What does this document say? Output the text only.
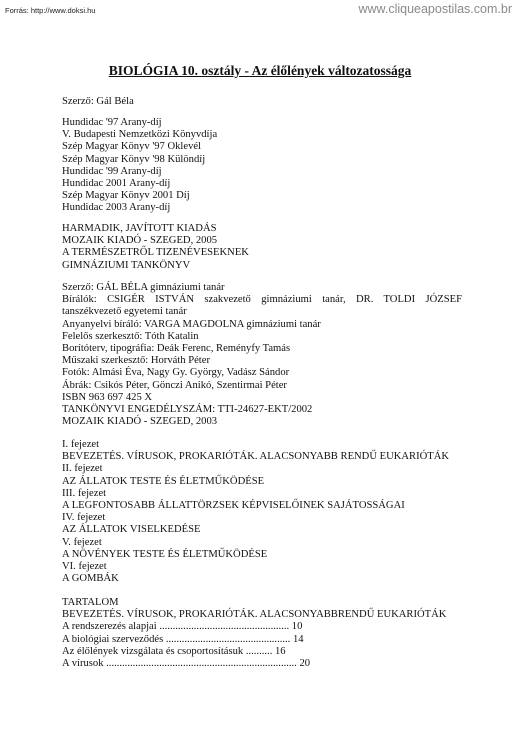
Forrás: http://www.doksi.hu	www.cliqueapostilas.com.br
BIOLÓGIA 10. osztály - Az élőlények változatossága

Szerző: Gál Béla

Hundidac '97 Arany-díj

V. Budapesti Nemzetközi Könyvdíja

Szép Magyar Könyv '97 Oklevél

Szép Magyar Könyv '98 Különdíj

Hundidac '99 Arany-díj

Hundidac 2001 Arany-díj

Szép Magyar Könyv 2001 Díj

Hundidac 2003 Arany-díj

HARMADIK, JAVÍTOTT KIADÁS

MOZAIK KIADÓ - SZEGED, 2005

A TERMÉSZETRŐL TIZENÉVESEKNEK

GIMNÁZIUMI TANKÖNYV

Szerző: GÁL BÉLA gimnáziumi tanár

Bírálók: CSIGÉR ISTVÁN szakvezető gimnáziumi tanár, DR. TOLDI JÓZSEF

tanszékvezető egyetemi tanár

Anyanyelvi bíráló: VARGA MAGDOLNA gimnáziumi tanár

Felelős szerkesztő: Tóth Katalin

Borítóterv, tipográfia: Deák Ferenc, Reményfy Tamás

Műszaki szerkesztő: Horváth Péter

Fotók: Almási Éva, Nagy Gy. György, Vadász Sándor

Ábrák: Csikós Péter, Gönczi Anikó, Szentirmai Péter

ISBN 963 697 425 X

TANKÖNYVI ENGEDÉLYSZÁM: TTI-24627-EKT/2002

MOZAIK KIADÓ - SZEGED, 2003

I. fejezet

BEVEZETÉS. VÍRUSOK, PROKARIÓTÁK. ALACSONYABB RENDŰ EUKARIÓTÁK

II. fejezet

AZ ÁLLATOK TESTE ÉS ÉLETMŰKÖDÉSE

III. fejezet

A LEGFONTOSABB ÁLLATTÖRZSEK KÉPVISELŐINEK SAJÁTOSSÁGAI

IV. fejezet

AZ ÁLLATOK VISELKEDÉSE

V. fejezet

A NÖVÉNYEK TESTE ÉS ÉLETMŰKÖDÉSE

VI. fejezet

A GOMBÁK

TARTALOM

BEVEZETÉS. VÍRUSOK, PROKARIÓTÁK. ALACSONYABBRENDŰ EUKARIÓTÁK

A rendszerezés alapjai ................................................. 10

A biológiai szerveződés ............................................... 14

Az élőlények vizsgálata és csoportosításuk .......... 16

A vírusok ........................................................................ 20
